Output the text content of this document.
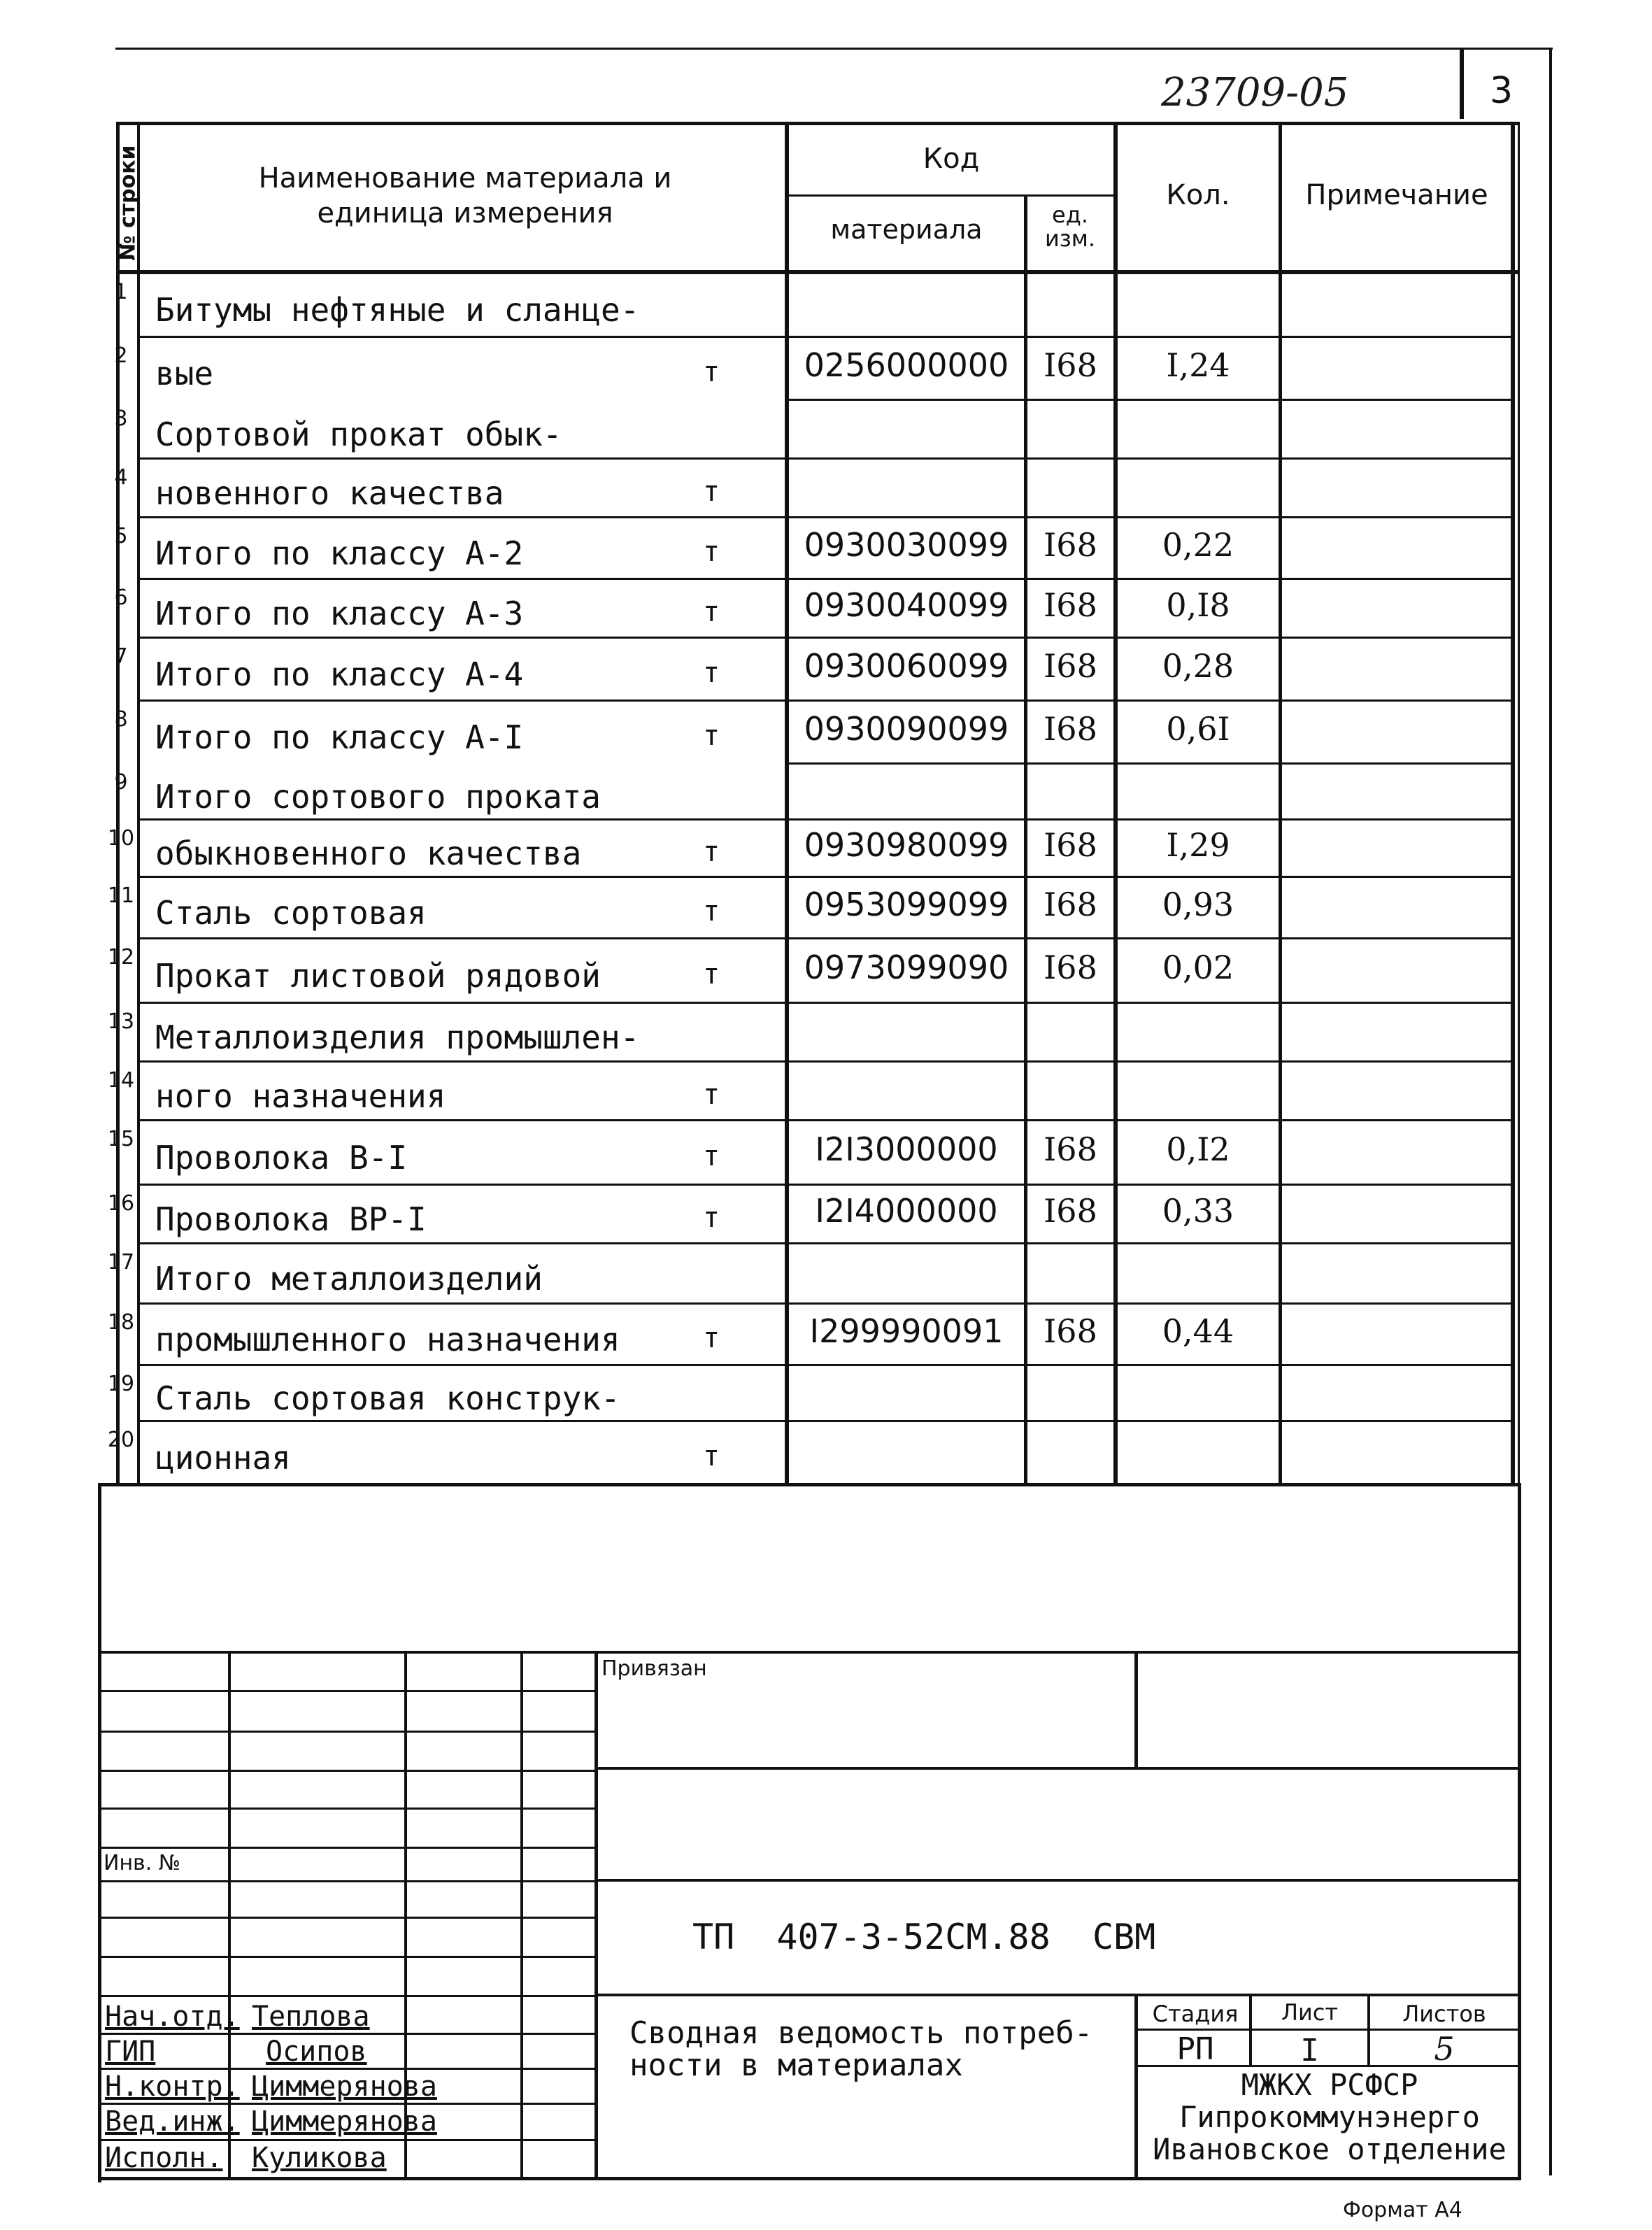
23709-05	3
№ строки	Наименование материала и единица измерения
Код
материала	ед. изм.
Кол.	Примечание
1 Битумы нефтяные и сланце-
2 вые	т	0256000000	I68	I,24
3 Сортовой прокат обык-
4 новенного качества	т
5 Итого по классу А-2	т	0930030099	I68	0,22
6 Итого по классу А-3	т	0930040099	I68	0,I8
7 Итого по классу А-4	т	0930060099	I68	0,28
8 Итого по классу А-I	т	0930090099	I68	0,6I
9 Итого сортового проката
10 обыкновенного качества	т	0930980099	I68	I,29
11 Сталь сортовая	т	0953099099	I68	0,93
12 Прокат листовой рядовой	т	0973099090	I68	0,02
13 Металлоизделия промышлен-
14 ного назначения	т
15 Проволока В-I	т	I2I3000000	I68	0,I2
16 Проволока ВР-I	т	I2I4000000	I68	0,33
17 Итого металлоизделий
18 промышленного назначения	т	I299990091	I68	0,44
19 Сталь сортовая конструк-
20 ционная	т
Привязан
Инв. №
ТП  407-3-52СМ.88  СВМ
Сводная ведомость потреб-
ности в материалах
Стадия	Лист	Листов
РП	I	5
МЖКХ РСФСР
Гипрокоммунэнерго
Ивановское отделение
Нач.отд. Теплова
ГИП	Осипов
Н.контр. Циммерянова
Вед.инж. Циммерянова
Исполн. Куликова
Формат А4
